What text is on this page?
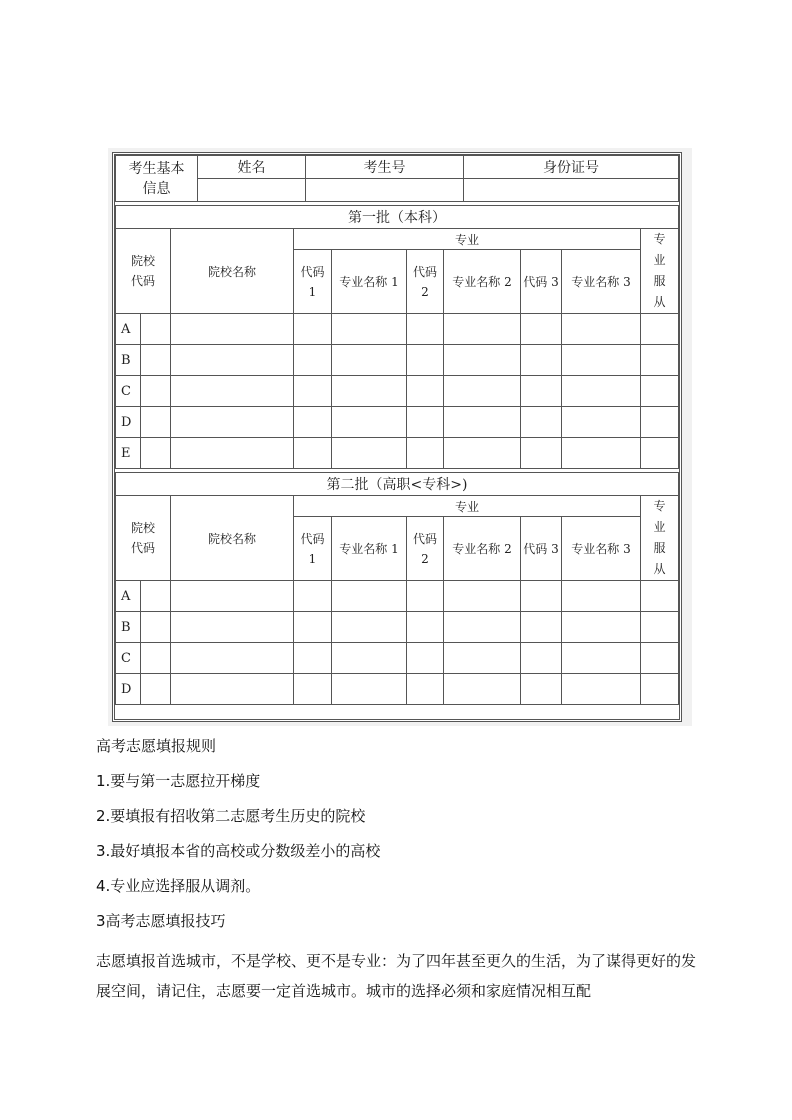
考生基本信息	姓名	考生号	身份证号

第一批（本科）									

院校代码		院校名称	专业						专业服从

			代码1	专业名称 1	代码2	专业名称 2	代码 3	专业名称 3	
A									
B									
C									
D									
E									
第二批（高职<专科>)									

院校代码		院校名称	专业						专业服从

			代码1	专业名称 1	代码2	专业名称 2	代码 3	专业名称 3	
A									
B									
C									
D									

高考志愿填报规则

1.要与第一志愿拉开梯度

2.要填报有招收第二志愿考生历史的院校

3.最好填报本省的高校或分数级差小的高校

4.专业应选择服从调剂。

3高考志愿填报技巧

志愿填报首选城市，不是学校、更不是专业：为了四年甚至更久的生活，为了谋得更好的发展空间，请记住，志愿要一定首选城市。城市的选择必须和家庭情况相互配
